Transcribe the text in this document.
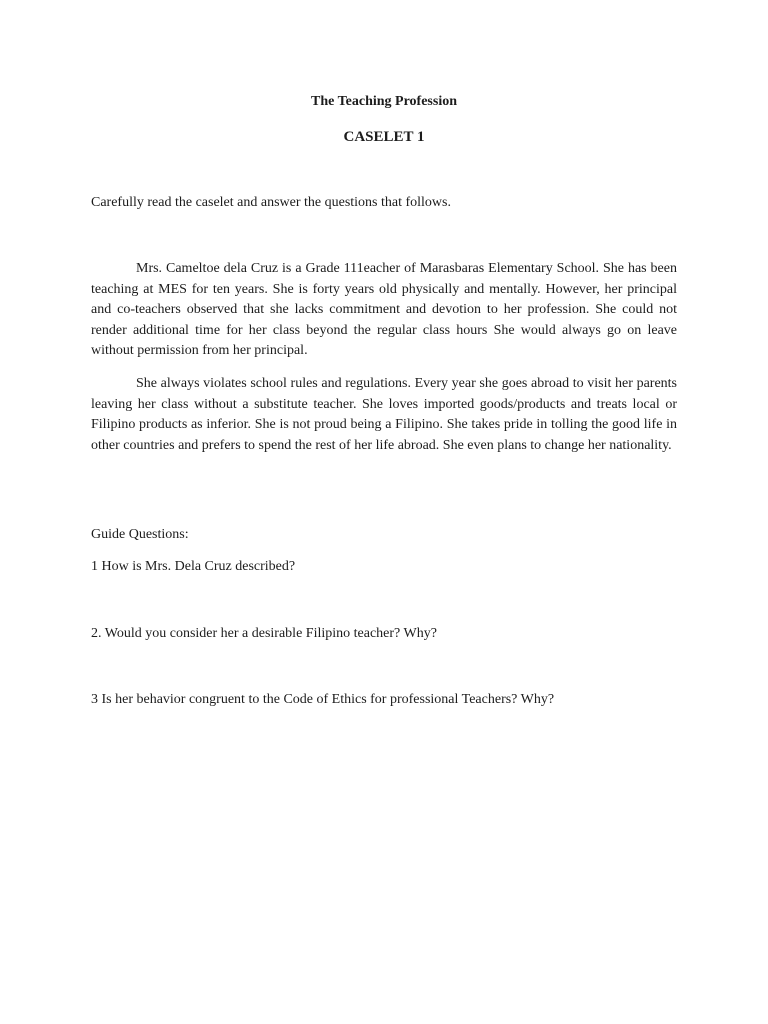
The Teaching Profession
CASELET 1
Carefully read the caselet and answer the questions that follows.

Mrs. Cameltoe dela Cruz is a Grade 111eacher of Marasbaras Elementary School. She has been teaching at MES for ten years. She is forty years old physically and mentally. However, her principal and co-teachers observed that she lacks commitment and devotion to her profession. She could not render additional time for her class beyond the regular class hours She would always go on leave without permission from her principal.

She always violates school rules and regulations. Every year she goes abroad to visit her parents leaving her class without a substitute teacher. She loves imported goods/products and treats local or Filipino products as inferior. She is not proud being a Filipino. She takes pride in tolling the good life in other countries and prefers to spend the rest of her life abroad. She even plans to change her nationality.

Guide Questions:
1 How is Mrs. Dela Cruz described?
2. Would you consider her a desirable Filipino teacher? Why?
3 Is her behavior congruent to the Code of Ethics for professional Teachers? Why?
